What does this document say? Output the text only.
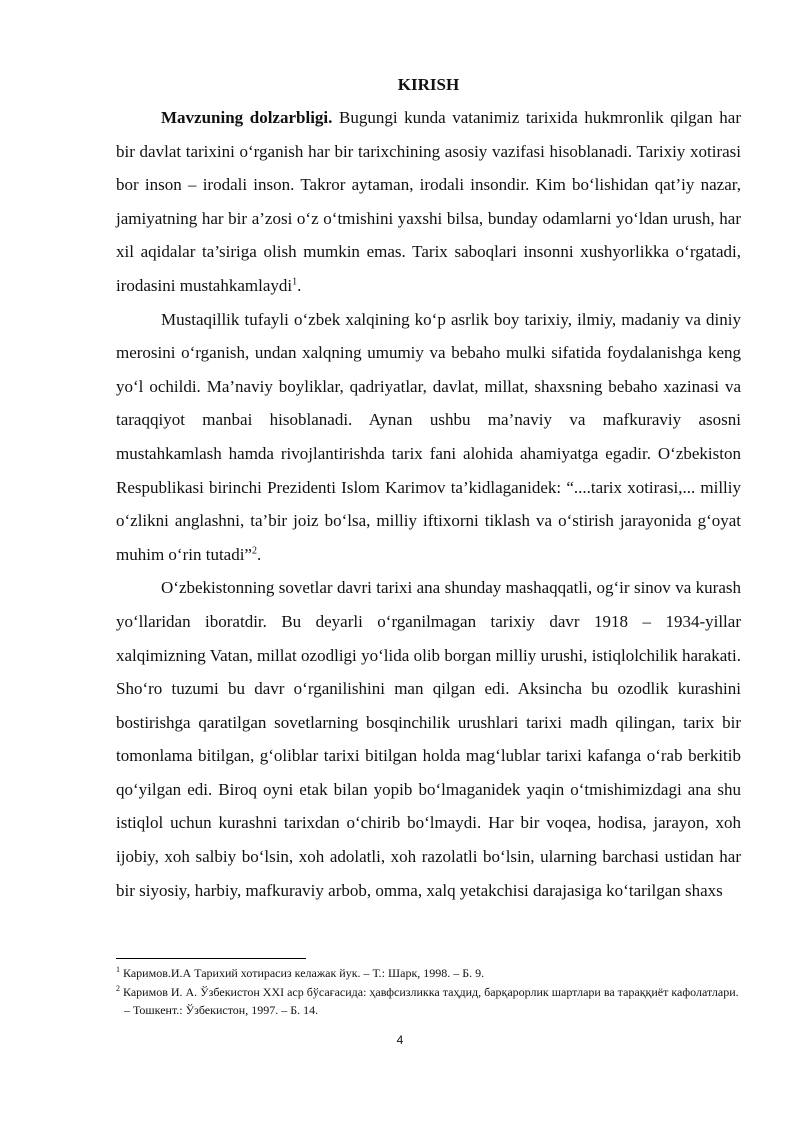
KIRISH

Mavzuning dolzarbligi. Bugungi kunda vatanimiz tarixida hukmronlik qilgan har bir davlat tarixini o‘rganish har bir tarixchining asosiy vazifasi hisoblanadi. Tarixiy xotirasi bor inson – irodali inson. Takror aytaman, irodali insondir. Kim bo‘lishidan qat’iy nazar, jamiyatning har bir a’zosi o‘z o‘tmishini yaxshi bilsa, bunday odamlarni yo‘ldan urush, har xil aqidalar ta’siriga olish mumkin emas. Tarix saboqlari insonni xushyorlikka o‘rgatadi, irodasini mustahkamlaydi$^1$.

Mustaqillik tufayli o‘zbek xalqining ko‘p asrlik boy tarixiy, ilmiy, madaniy va diniy merosini o‘rganish, undan xalqning umumiy va bebaho mulki sifatida foydalanishga keng yo‘l ochildi. Ma’naviy boyliklar, qadriyatlar, davlat, millat, shaxsning bebaho xazinasi va taraqqiyot manbai hisoblanadi. Aynan ushbu ma’naviy va mafkuraviy asosni mustahkamlash hamda rivojlantirishda tarix fani alohida ahamiyatga egadir. O‘zbekiston Respublikasi birinchi Prezidenti Islom Karimov ta’kidlaganidek: “....tarix xotirasi,... milliy o‘zlikni anglashni, ta’bir joiz bo‘lsa, milliy iftixorni tiklash va o‘stirish jarayonida g‘oyat muhim o‘rin tutadi”$^2$.

O‘zbekistonning sovetlar davri tarixi ana shunday mashaqqatli, og‘ir sinov va kurash yo‘llaridan iboratdir. Bu deyarli o‘rganilmagan tarixiy davr 1918 – 1934-yillar xalqimizning Vatan, millat ozodligi yo‘lida olib borgan milliy urushi, istiqlolchilik harakati. Sho‘ro tuzumi bu davr o‘rganilishini man qilgan edi. Aksincha bu ozodlik kurashini bostirishga qaratilgan sovetlarning bosqinchilik urushlari tarixi madh qilingan, tarix bir tomonlama bitilgan, g‘oliblar tarixi bitilgan holda mag‘lublar tarixi kafanga o‘rab berkitib qo‘yilgan edi. Biroq oyni etak bilan yopib bo‘lmaganidek yaqin o‘tmishimizdagi ana shu istiqlol uchun kurashni tarixdan o‘chirib bo‘lmaydi. Har bir voqea, hodisa, jarayon, xoh ijobiy, xoh salbiy bo‘lsin, xoh adolatli, xoh razolatli bo‘lsin, ularning barchasi ustidan har bir siyosiy, harbiy, mafkuraviy arbob, omma, xalq yetakchisi darajasiga ko‘tarilgan shaxs

$^1$ Каримов.И.А Тарихий хотирасиз келажак йук. – Т.: Шарк, 1998. – Б. 9.

$^2$ Каримов И. А. Ўзбекистон XXI аср бўсағасида: ҳавфсизликка таҳдид, барқарорлик шартлари ва тараққиёт кафолатлари. – Тошкент.: Ўзбекистон, 1997. – Б. 14.

4
